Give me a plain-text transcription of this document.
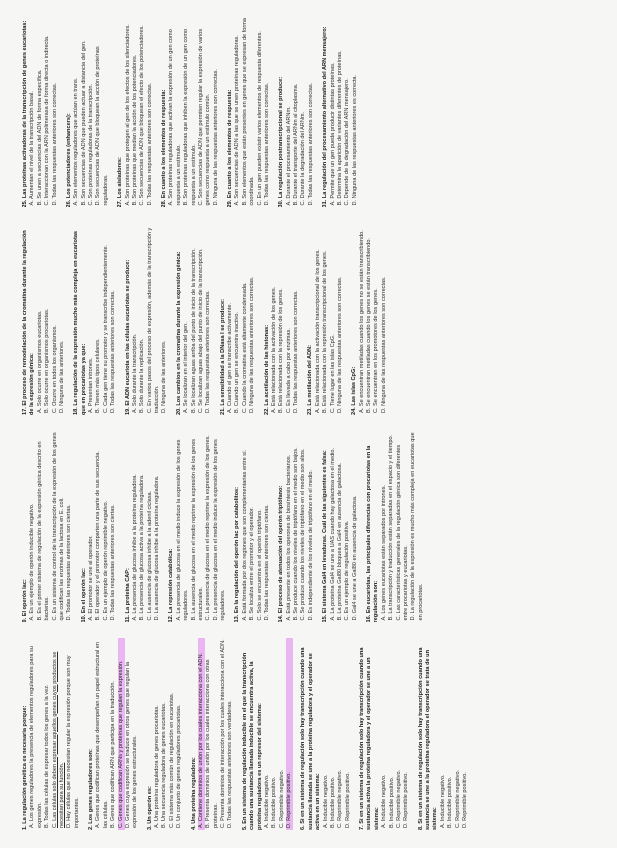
1. La regulación genética es necesaria porque: A. Los genes reguladores la presencia de elementos reguladores para su expresión. B. Todas las células de expresar todos los genes a la vez. C. Las células solo deben expresar aquellos genes cuyos productos se necesitan para su función. D. Hay células que no necesitan regular la expresión porque son muy importantes. 2. Los genes reguladores son: A. Genes que codifican proteínas que desempeñan un papel estructural en las células. B. Genes que codifican ARN que participa en la traducción. C. Genes que codifican ARNs y proteínas que regulan la expresión. D. Genes cuya expresión se traduce en otros genes que regulan la expresión de los genes estructurales. 3. Un operón es: A. Una proteína reguladora de genes procariotas. B. Una secuencia reguladora de genes eucariotas. C. El sistema más común de regulación en eucariotas. D. Un conjunto de genes reguladores procariotas. 4. Una proteína reguladora: A. Contiene dominios de unión por los cuales interacciona con el ADN. B. Presenta dominios de unión por los cuales interacciona con otras proteínas. C. Presenta dominios de interacción por los cuales interacciona con el ADN. D. Todas las respuestas anteriores son verdaderas. 5. En un sistema de regulación inducible en el que la transcripción cuando una sustancia llamada inducible se encuentra activa, la proteína reguladora es un represor del sistema: A. Inducible negativo. B. Inducible positivo. C. Reprimible negativo. D. Reprimible positivo. 6. Si en un sistema de regulación solo hay transcripción cuando una sustancia llamada se une a la proteína reguladora y el operador se activa en un sistema: A. Inducible negativo. B. Inducible positivo. C. Reprimible negativo. D. Reprimible positivo. 7. Si en un sistema de regulación solo hay transcripción cuando una sustancia activa la proteína reguladora y el operador se une a un sistema: A. Inducible negativo. B. Inducible positivo. C. Reprimible negativo. D. Reprimible positivo. 8. Si en un sistema de regulación solo hay transcripción cuando una sustancia se une a la proteína reguladora el operador se trata de un sistema: A. Inducible negativo. B. Inducible positivo. C. Reprimible negativo. D. Reprimible positivo.
9. El operón lac: A. Es un ejemplo de operón inducible negativo. B. Es el primer sistema de regulación de la expresión génica descrito en bacterias. C. Es un sistema de control de la transcripción de la expresión de los genes que codifican las enzimas de la lactosa en E. coli. D. Todas las respuestas anteriores son ciertas. 10. En el operón lac: A. El promotor se une al operador. B. El operador y el promotor comparten una parte de sus secuencia. C. Es un ejemplo de operón reprimible negativo. D. Todas las respuestas anteriores son ciertas. 11. La proteína CAP: A. La presencia de glucosa inhibe a la proteína reguladora. B. La presencia de glucosa activa a la proteína reguladora. C. La ausencia de glucosa inhibe a la adenil ciclasa. D. La ausencia de glucosa inhibe a la proteína reguladora. 12. La represión catabólica: A. La presencia de glucosa en el medio induce la expresión de los genes reguladores. B. La ausencia de glucosa en el medio reprime la expresión de los genes estructurales. C. La presencia de glucosa en el medio reprime la expresión de los genes. D. La presencia de glucosa en el medio induce la expresión de los genes reguladores. 13. En la regulación del operón lac por catabolitos: A. Está formada por dos regiones que son complementarias entre sí. B. Se localiza entre el promotor y el operador. C. Solo se encuentra en el operón triptófano. D. Todas las respuestas anteriores son ciertas. 14. El proceso de atenuación del operón triptófano: A. Está presente en todos los operones de biosíntesis bacterianos. B. Se produce cuando los niveles de triptófano en el medio son bajos. C. Se produce cuando los niveles de triptófano en el medio son altos. D. Es independiente de los niveles de triptófano en el medio. 15. El sistema Gal4 en levaduras. Cuál de las siguientes es falsa: A. La proteína Gal4 se une a UAS cuando hay galactosa en el medio. B. La proteína Gal80 bloquea a Gal4 en ausencia de galactosa. C. Es un ejemplo de regulación positiva. D. Gal4 se une a Gal80 en ausencia de galactosa. 16. En eucariotas, las principales diferencias con procariotas en la regulación son: A. Los genes eucariotas están separados por intrones. B. La transcripción y traducción están separadas en el espacio y el tiempo. C. Las características generales de la regulación génica son diferentes entre procariotas y eucariotas. D. La regulación de la expresión es mucho más compleja en eucariotas que en procariotas.
17. El proceso de remodelación de la cromatina durante la regulación de la expresión génica: A. Solo ocurre en organismos eucariotas. B. Solo ocurre en organismos procariotas. C. Ocurre en todos los organismos. D. Ninguna de las anteriores. 18. La regulación de la expresión mucho más compleja en eucariotas que en procariotas ya que: A. Presentan intrones. B. Tienen más tipos celulares. C. Cada gen tiene su promotor y se transcribe independientemente. D. Todas las respuestas anteriores son correctas. 19. El ADN eucariota en las células eucariotas se produce: A. Solo durante la transcripción. B. Solo durante la replicación. C. En varios pasos del proceso de expresión, además de la transcripción y traducción. D. Ninguna de las anteriores. 20. Los cambios en la cromatina durante la expresión génica: A. Se localizan en el interior del gen. B. Se localizan aguas arriba del punto de inicio de la transcripción. C. Se localizan aguas abajo del punto de inicio de la transcripción. D. Todas las respuestas anteriores son correctas. 21. La sensibilidad a la DNasa I se produce: A. Cuando el gen se transcribe activamente. B. Cuando un gen se encuentra inactivo. C. Cuando la cromatina está altamente condensada. D. Ninguna de las respuestas anteriores son correctas. 22. La acetilación de las histonas: A. Está relacionada con la activación de los genes. B. Está relacionada con la represión de los genes. C. Es llevada a cabo por enzimas. D. Todas las respuestas anteriores son correctas. 23. La metilación del ADN: A. Está relacionada con la activación transcripcional de los genes. B. Está relacionada con la represión transcripcional de los genes. C. Tiene lugar en las islas CpG. D. Ninguna de las respuestas anteriores son correctas. 24. Las islas CpG: A. Se encuentran metiladas cuando los genes no se están transcribiendo. B. Se encuentran metiladas cuando los genes se están transcribiendo. C. Se encuentran en los promotores de los genes. D. Ninguna de las respuestas anteriores son correctas.
25. Las proteínas activadoras de la transcripción de genes eucariotas: A. Aumentan el nivel de la transcripción basal. B. Se unen a secuencias del ADN de forma específica. C. Interaccionan con la ARN polimerasa de forma directa o indirecta. D. Todas las respuestas anteriores son correctas. 26. Los potenciadores (enhancers): A. Son elementos reguladores que actúan en trans. B. Son secuencias de ADN que pueden actuar a distancia del gen. C. Son proteínas reguladoras de la transcripción. D. Son secuencias de ADN que bloquean la acción de proteínas reguladoras. 27. Los aisladores: A. Son proteínas que protegen al gen de los efectos de los silenciadores. B. Son proteínas que median la acción de los potenciadores. C. Son secuencias de ADN que bloquean el efecto de los potenciadores. D. Todas las respuestas anteriores son correctas. 28. En cuanto a los elementos de respuesta: A. Son proteínas reguladoras que activan la expresión de un gen como respuesta a un estímulo. B. Son proteínas reguladoras que inhiben la expresión de un gen como respuesta a un estímulo. C. Son secuencias de ADN que permiten regular la expresión de varios genes como respuesta a un estímulo común. D. Ninguna de las respuestas anteriores son correctas. 29. En cuanto a los elementos de respuesta: A. Son secuencias de ADN a las que se unen proteínas reguladoras. B. Son elementos que están presentes en genes que se expresan de forma coordinada. C. En un gen pueden existir varios elementos de respuesta diferentes. D. Todas las respuestas anteriores son correctas. 30. La regulación postranscripcional se produce: A. Durante el procesamiento del ARNm. B. Durante el transporte del ARNm al citoplasma. C. Durante la degradación del ARNm. D. Todas las respuestas anteriores son correctas. 31. La regulación del procesamiento alternativo del ARN mensajero: A. Permite que un gen pueda producir distintas proteínas. B. Determina la aparición de variantes diferentes de proteínas. C. Depende de la degradación del ARN mensajero. D. Ninguna de las respuestas anteriores es correcta.
